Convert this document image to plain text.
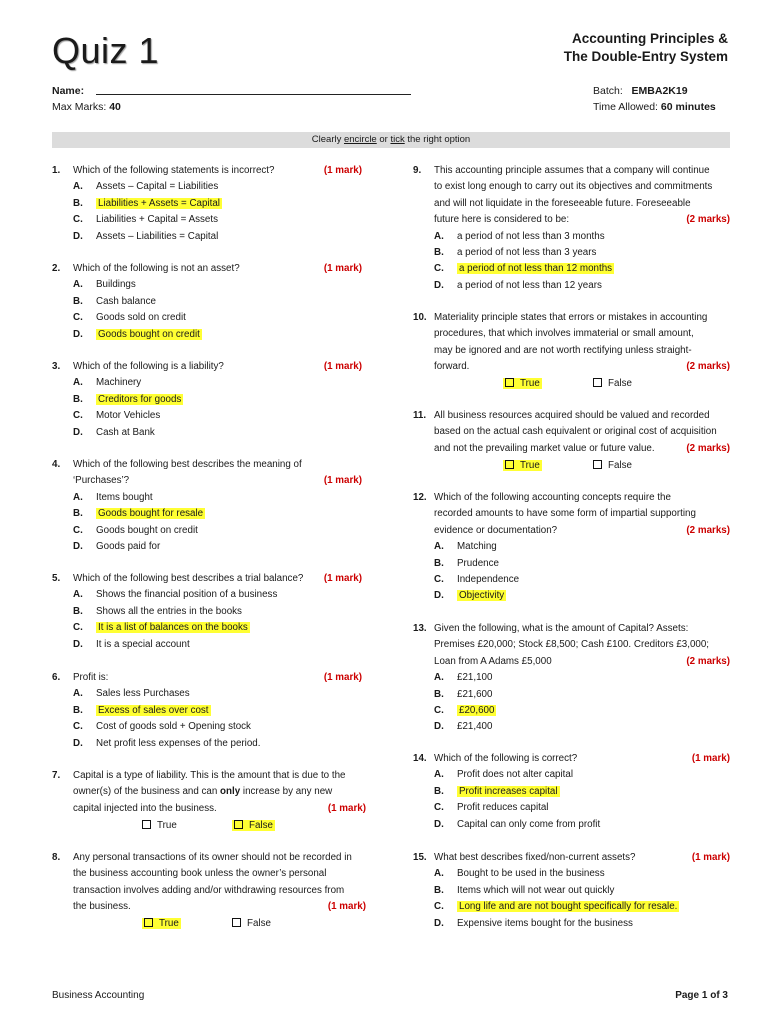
Quiz 1	Accounting Principles &
The Double-Entry System
Name:
Max Marks: 40
Batch: EMBA2K19
Time Allowed: 60 minutes
Clearly encircle or tick the right option
1. Which of the following statements is incorrect?	(1 mark)
A. Assets – Capital = Liabilities
B. Liabilities + Assets = Capital
C. Liabilities + Capital = Assets
D. Assets – Liabilities = Capital
2. Which of the following is not an asset?	(1 mark)
A. Buildings
B. Cash balance
C. Goods sold on credit
D. Goods bought on credit
3. Which of the following is a liability?	(1 mark)
A. Machinery
B. Creditors for goods
C. Motor Vehicles
D. Cash at Bank
4. Which of the following best describes the meaning of
‘Purchases’?	(1 mark)
A. Items bought
B. Goods bought for resale
C. Goods bought on credit
D. Goods paid for
5. Which of the following best describes a trial balance? (1 mark)
A. Shows the financial position of a business
B. Shows all the entries in the books
C. It is a list of balances on the books
D. It is a special account
6. Profit is:	(1 mark)
A. Sales less Purchases
B. Excess of sales over cost
C. Cost of goods sold + Opening stock
D. Net profit less expenses of the period.
7. Capital is a type of liability. This is the amount that is due to the
owner(s) of the business and can only increase by any new
capital injected into the business.	(1 mark)
True	False
8. Any personal transactions of its owner should not be recorded in
the business accounting book unless the owner’s personal
transaction involves adding and/or withdrawing resources from
the business.	(1 mark)
True	False
9. This accounting principle assumes that a company will continue
to exist long enough to carry out its objectives and commitments
and will not liquidate in the foreseeable future. Foreseeable
future here is considered to be:	(2 marks)
A. a period of not less than 3 months
B. a period of not less than 3 years
C. a period of not less than 12 months
D. a period of not less than 12 years
10. Materiality principle states that errors or mistakes in accounting
procedures, that which involves immaterial or small amount,
may be ignored and are not worth rectifying unless straight-
forward.	(2 marks)
True	False
11. All business resources acquired should be valued and recorded
based on the actual cash equivalent or original cost of acquisition
and not the prevailing market value or future value.	(2 marks)
True	False
12. Which of the following accounting concepts require the
recorded amounts to have some form of impartial supporting
evidence or documentation?	(2 marks)
A. Matching
B. Prudence
C. Independence
D. Objectivity
13. Given the following, what is the amount of Capital? Assets:
Premises £20,000; Stock £8,500; Cash £100. Creditors £3,000;
Loan from A Adams £5,000	(2 marks)
A. £21,100
B. £21,600
C. £20,600
D. £21,400
14. Which of the following is correct?	(1 mark)
A. Profit does not alter capital
B. Profit increases capital
C. Profit reduces capital
D. Capital can only come from profit
15. What best describes fixed/non-current assets?	(1 mark)
A. Bought to be used in the business
B. Items which will not wear out quickly
C. Long life and are not bought specifically for resale.
D. Expensive items bought for the business
Business Accounting	Page 1 of 3
